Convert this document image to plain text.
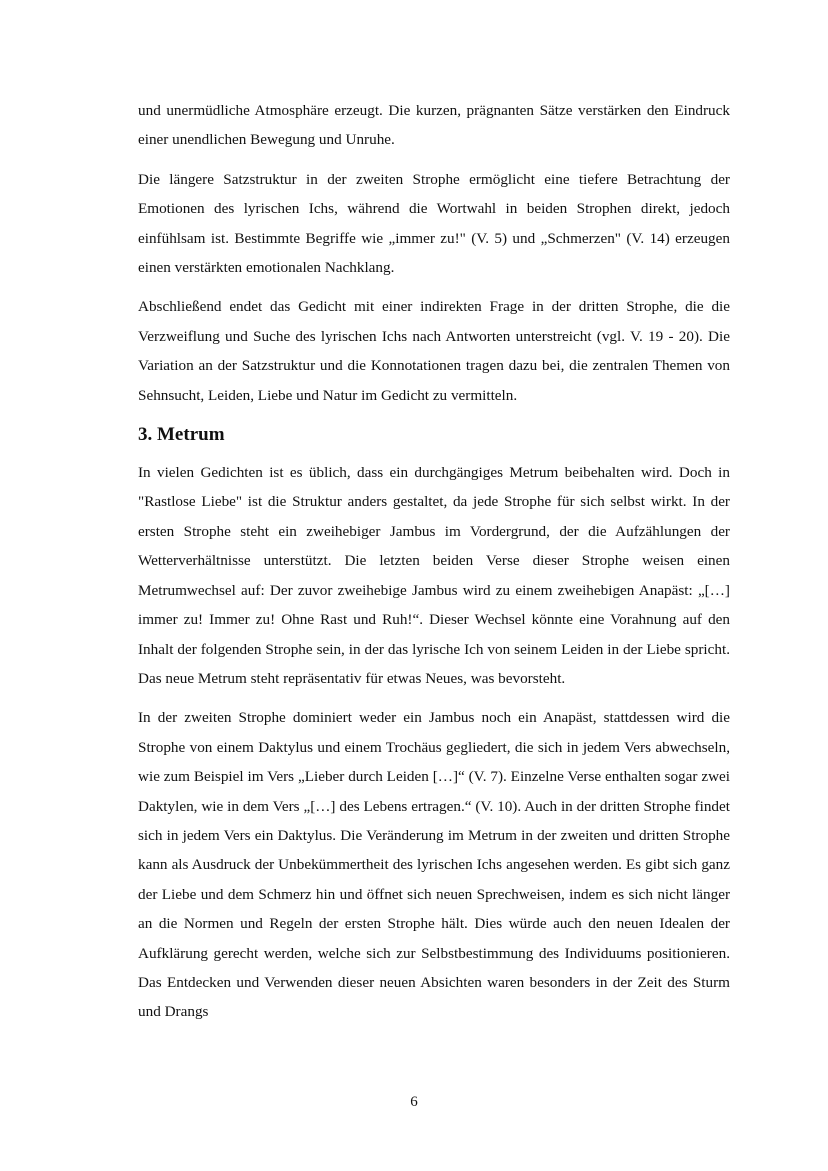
und unermüdliche Atmosphäre erzeugt. Die kurzen, prägnanten Sätze verstärken den Eindruck einer unendlichen Bewegung und Unruhe.

Die längere Satzstruktur in der zweiten Strophe ermöglicht eine tiefere Betrachtung der Emotionen des lyrischen Ichs, während die Wortwahl in beiden Strophen direkt, jedoch einfühlsam ist. Bestimmte Begriffe wie „immer zu!" (V. 5) und „Schmerzen" (V. 14) erzeugen einen verstärkten emotionalen Nachklang.

Abschließend endet das Gedicht mit einer indirekten Frage in der dritten Strophe, die die Verzweiflung und Suche des lyrischen Ichs nach Antworten unterstreicht (vgl. V. 19 - 20). Die Variation an der Satzstruktur und die Konnotationen tragen dazu bei, die zentralen Themen von Sehnsucht, Leiden, Liebe und Natur im Gedicht zu vermitteln.

3. Metrum

In vielen Gedichten ist es üblich, dass ein durchgängiges Metrum beibehalten wird. Doch in "Rastlose Liebe" ist die Struktur anders gestaltet, da jede Strophe für sich selbst wirkt. In der ersten Strophe steht ein zweihebiger Jambus im Vordergrund, der die Aufzählungen der Wetterverhältnisse unterstützt. Die letzten beiden Verse dieser Strophe weisen einen Metrumwechsel auf: Der zuvor zweihebige Jambus wird zu einem zweihebigen Anapäst: „[…] immer zu! Immer zu! Ohne Rast und Ruh!“. Dieser Wechsel könnte eine Vorahnung auf den Inhalt der folgenden Strophe sein, in der das lyrische Ich von seinem Leiden in der Liebe spricht. Das neue Metrum steht repräsentativ für etwas Neues, was bevorsteht.

In der zweiten Strophe dominiert weder ein Jambus noch ein Anapäst, stattdessen wird die Strophe von einem Daktylus und einem Trochäus gegliedert, die sich in jedem Vers abwechseln, wie zum Beispiel im Vers „Lieber durch Leiden […]“ (V. 7). Einzelne Verse enthalten sogar zwei Daktylen, wie in dem Vers „[…] des Lebens ertragen.“ (V. 10). Auch in der dritten Strophe findet sich in jedem Vers ein Daktylus. Die Veränderung im Metrum in der zweiten und dritten Strophe kann als Ausdruck der Unbekümmertheit des lyrischen Ichs angesehen werden. Es gibt sich ganz der Liebe und dem Schmerz hin und öffnet sich neuen Sprechweisen, indem es sich nicht länger an die Normen und Regeln der ersten Strophe hält. Dies würde auch den neuen Idealen der Aufklärung gerecht werden, welche sich zur Selbstbestimmung des Individuums positionieren. Das Entdecken und Verwenden dieser neuen Absichten waren besonders in der Zeit des Sturm und Drangs

6
